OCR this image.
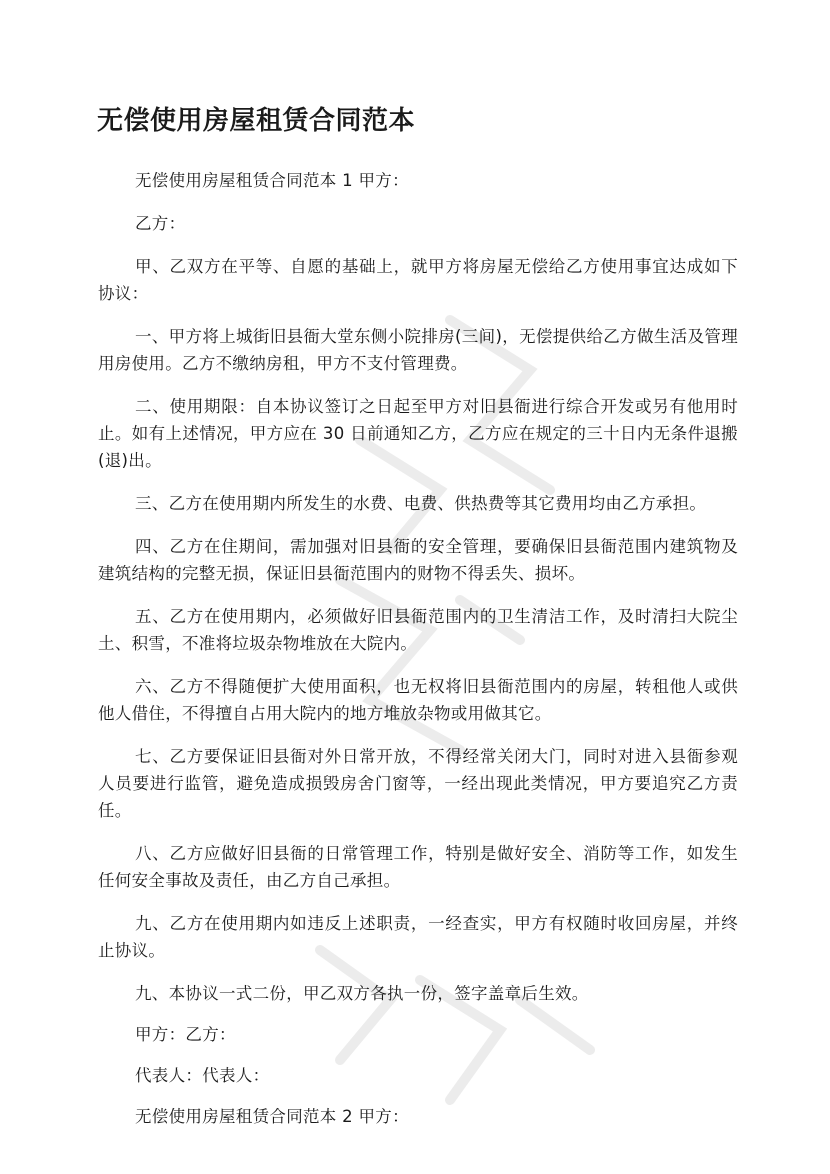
无偿使用房屋租赁合同范本

无偿使用房屋租赁合同范本 1 甲方：

乙方：

甲、乙双方在平等、自愿的基础上，就甲方将房屋无偿给乙方使用事宜达成如下协议：

一、甲方将上城街旧县衙大堂东侧小院排房(三间)，无偿提供给乙方做生活及管理用房使用。乙方不缴纳房租，甲方不支付管理费。

二、使用期限：自本协议签订之日起至甲方对旧县衙进行综合开发或另有他用时止。如有上述情况，甲方应在 30 日前通知乙方，乙方应在规定的三十日内无条件退搬(退)出。

三、乙方在使用期内所发生的水费、电费、供热费等其它费用均由乙方承担。

四、乙方在住期间，需加强对旧县衙的安全管理，要确保旧县衙范围内建筑物及建筑结构的完整无损，保证旧县衙范围内的财物不得丢失、损坏。

五、乙方在使用期内，必须做好旧县衙范围内的卫生清洁工作，及时清扫大院尘土、积雪，不准将垃圾杂物堆放在大院内。

六、乙方不得随便扩大使用面积，也无权将旧县衙范围内的房屋，转租他人或供他人借住，不得擅自占用大院内的地方堆放杂物或用做其它。

七、乙方要保证旧县衙对外日常开放，不得经常关闭大门，同时对进入县衙参观人员要进行监管，避免造成损毁房舍门窗等，一经出现此类情况，甲方要追究乙方责任。

八、乙方应做好旧县衙的日常管理工作，特别是做好安全、消防等工作，如发生任何安全事故及责任，由乙方自己承担。

九、乙方在使用期内如违反上述职责，一经查实，甲方有权随时收回房屋，并终止协议。

九、本协议一式二份，甲乙双方各执一份，签字盖章后生效。

甲方：乙方：

代表人：代表人：

无偿使用房屋租赁合同范本 2 甲方：
